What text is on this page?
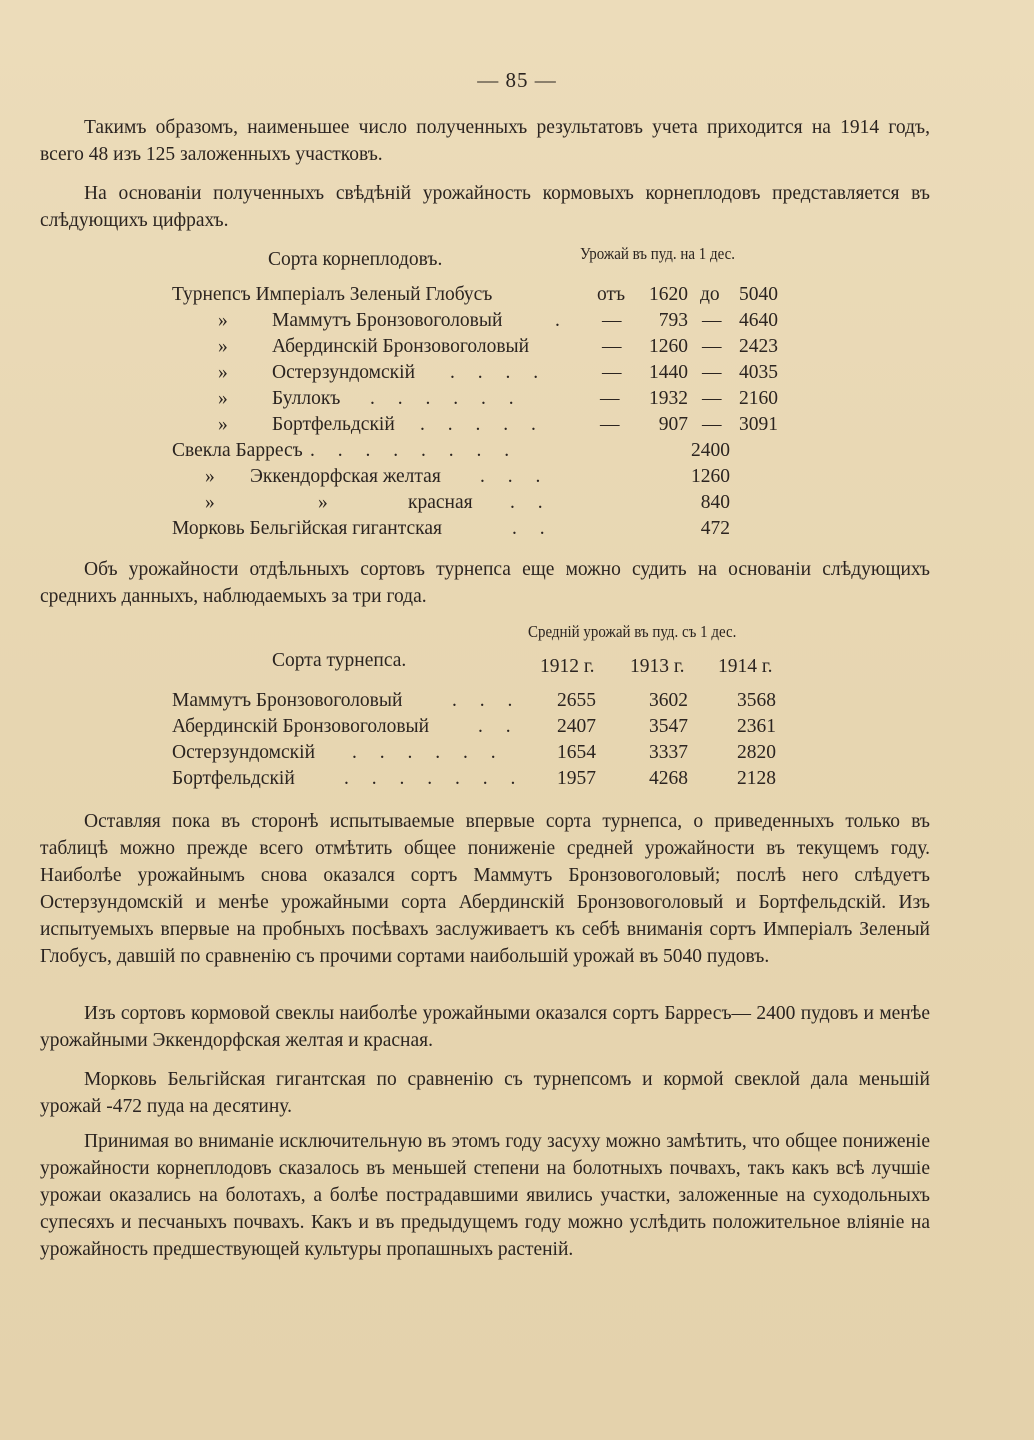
— 85 —

Такимъ образомъ, наименьшее число полученныхъ результатовъ учета приходится на 1914 годъ, всего 48 изъ 125 заложенныхъ участковъ.

На основаніи полученныхъ свѣдѣній урожайность кормовыхъ корнеплодовъ представляется въ слѣдующихъ цифрахъ.

Сорта корнеплодовъ.	Урожай въ пуд. на 1 дес.
Турнепсъ Имперіалъ Зеленый Глобусъ	отъ	1620 до 5040
» Маммутъ Бронзовоголовый	. —	793 — 4640
» Абердинскій Бронзовоголовый	—	1260 — 2423
» Остерзундомскій . . . .	—	1440 — 4035
» Буллокъ . . . . . .	—	1932 — 2160
» Бортфельдскій . . . . .	—	907 — 3091
Свекла Барресъ . . . . . . . .	2400
» Эккендорфская желтая . . .	1260
»	»	красная . .	840
Морковь Бельгійская гигантская	. .	472

Объ урожайности отдѣльныхъ сортовъ турнепса еще можно судить на основаніи слѣдующихъ среднихъ данныхъ, наблюдаемыхъ за три года.

Средній урожай въ пуд. съ 1 дес.
Сорта турнепса.	1912 г. 1913 г. 1914 г.
Маммутъ Бронзовоголовый	. . .	2655	3602	3568
Абердинскій Бронзовоголовый	. .	2407	3547	2361
Остерзундомскій . . . . . .	1654	3337	2820
Бортфельдскій	. . . . . . .	1957	4268	2128

Оставляя пока въ сторонѣ испытываемые впервые сорта турнепса, о приведенныхъ только въ таблицѣ можно прежде всего отмѣтить общее пониженіе средней урожайности въ текущемъ году. Наиболѣе урожайнымъ снова оказался сортъ Маммутъ Бронзовоголовый; послѣ него слѣдуетъ Остерзундомскій и менѣе урожайными сорта Абердинскій Бронзовоголовый и Бортфельдскій. Изъ испытуемыхъ впервые на пробныхъ посѣвахъ заслуживаетъ къ себѣ вниманія сортъ Имперіалъ Зеленый Глобусъ, давшій по сравненію съ прочими сортами наибольшій урожай въ 5040 пудовъ.

Изъ сортовъ кормовой свеклы наиболѣе урожайными оказался сортъ Барресъ— 2400 пудовъ и менѣе урожайными Эккендорфская желтая и красная.

Морковь Бельгійская гигантская по сравненію съ турнепсомъ и кормой свеклой дала меньшій урожай -472 пуда на десятину.

Принимая во вниманіе исключительную въ этомъ году засуху можно замѣтить, что общее пониженіе урожайности корнеплодовъ сказалось въ меньшей степени на болотныхъ почвахъ, такъ какъ всѣ лучшіе урожаи оказались на болотахъ, а болѣе пострадавшими явились участки, заложенные на суходольныхъ супесяхъ и песчаныхъ почвахъ. Какъ и въ предыдущемъ году можно услѣдить положительное вліяніе на урожайность предшествующей культуры пропашныхъ растеній.
